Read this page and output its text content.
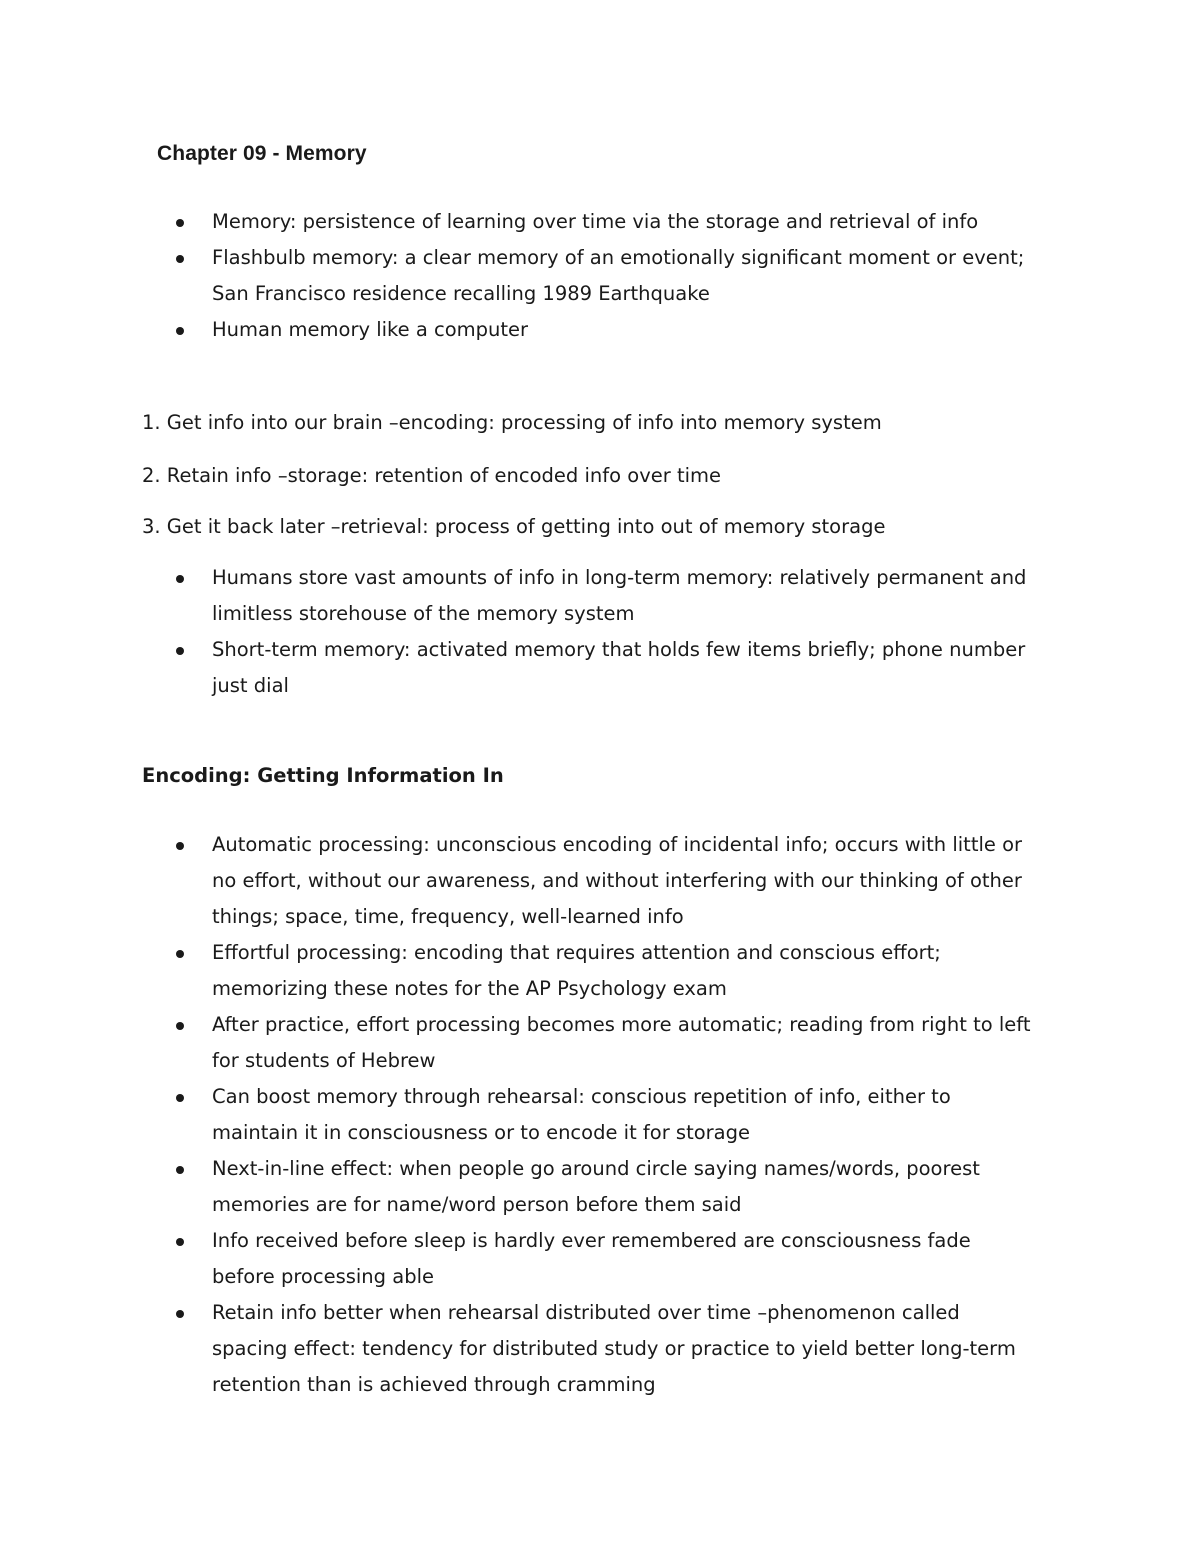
Chapter 09 - Memory
Memory: persistence of learning over time via the storage and retrieval of info
Flashbulb memory: a clear memory of an emotionally significant moment or event; San Francisco residence recalling 1989 Earthquake
Human memory like a computer

1. Get info into our brain –encoding: processing of info into memory system

2. Retain info –storage: retention of encoded info over time

3. Get it back later –retrieval: process of getting into out of memory storage

Humans store vast amounts of info in long-term memory: relatively permanent and limitless storehouse of the memory system
Short-term memory: activated memory that holds few items briefly; phone number just dial
Encoding: Getting Information In
Automatic processing: unconscious encoding of incidental info; occurs with little or no effort, without our awareness, and without interfering with our thinking of other things; space, time, frequency, well-learned info
Effortful processing: encoding that requires attention and conscious effort; memorizing these notes for the AP Psychology exam
After practice, effort processing becomes more automatic; reading from right to left for students of Hebrew
Can boost memory through rehearsal: conscious repetition of info, either to maintain it in consciousness or to encode it for storage
Next-in-line effect: when people go around circle saying names/words, poorest memories are for name/word person before them said
Info received before sleep is hardly ever remembered are consciousness fade before processing able
Retain info better when rehearsal distributed over time –phenomenon called spacing effect: tendency for distributed study or practice to yield better long-term retention than is achieved through cramming
